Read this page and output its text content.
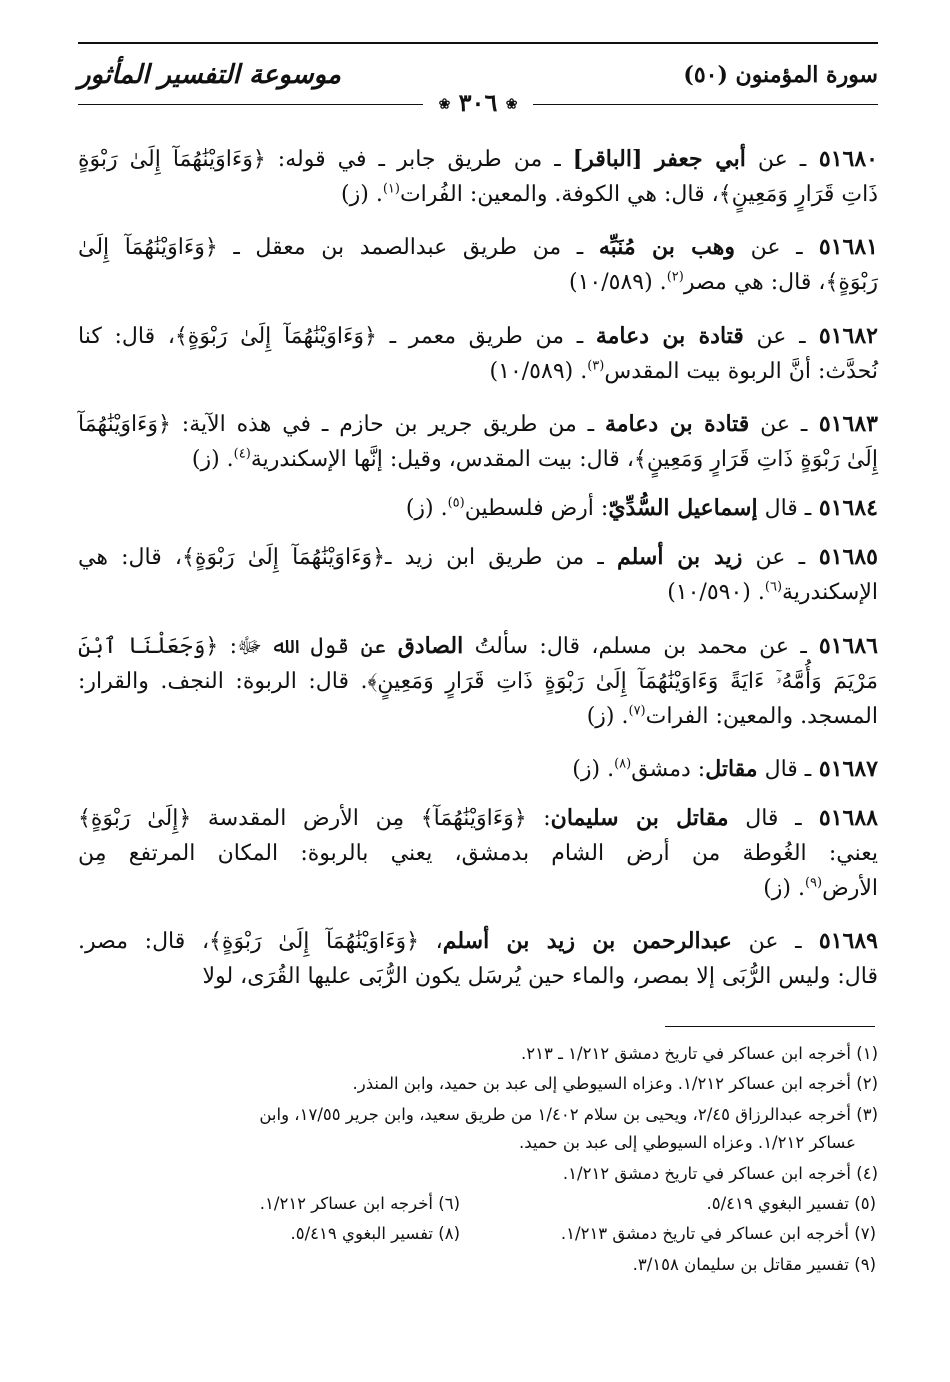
سورة المؤمنون (٥٠)
موسوعة التفسير المأثور
❀ ٣٠٦ ❀
٥١٦٨٠ ـ عن أبي جعفر [الباقر] ـ من طريق جابر ـ في قوله: ﴿وَءَاوَيْنَٰهُمَآ إِلَىٰ رَبْوَةٍ
ذَاتِ قَرَارٍ وَمَعِينٍ﴾، قال: هي الكوفة. والمعين: الفُرات$^{(١)}$. (ز)
٥١٦٨١ ـ عن وهب بن مُنَبِّه ـ من طريق عبدالصمد بن معقل ـ ﴿وَءَاوَيْنَٰهُمَآ إِلَىٰ
رَبْوَةٍ﴾، قال: هي مصر$^{(٢)}$. (١٠/٥٨٩)
٥١٦٨٢ ـ عن قتادة بن دعامة ـ من طريق معمر ـ ﴿وَءَاوَيْنَٰهُمَآ إِلَىٰ رَبْوَةٍ﴾، قال: كنا
نُحدَّث: أنَّ الربوة بيت المقدس$^{(٣)}$. (١٠/٥٨٩)
٥١٦٨٣ ـ عن قتادة بن دعامة ـ من طريق جرير بن حازم ـ في هذه الآية: ﴿وَءَاوَيْنَٰهُمَآ
إِلَىٰ رَبْوَةٍ ذَاتِ قَرَارٍ وَمَعِينٍ﴾، قال: بيت المقدس، وقيل: إنَّها الإسكندرية$^{(٤)}$. (ز)
٥١٦٨٤ ـ قال إسماعيل السُّدِّيّ: أرض فلسطين$^{(٥)}$. (ز)
٥١٦٨٥ ـ عن زيد بن أسلم ـ من طريق ابن زيد ـ﴿وَءَاوَيْنَٰهُمَآ إِلَىٰ رَبْوَةٍ﴾، قال: هي
الإسكندرية$^{(٦)}$. (١٠/٥٩٠)
٥١٦٨٦ ـ عن محمد بن مسلم، قال: سألتُ الصادق عن قول الله ﷻ: ﴿وَجَعَلْنَا ٱبْنَ
مَرْيَمَ وَأُمَّهُۥٓ ءَايَةً وَءَاوَيْنَٰهُمَآ إِلَىٰ رَبْوَةٍ ذَاتِ قَرَارٍ وَمَعِينٍ﴾. قال: الربوة: النجف. والقرار:
المسجد. والمعين: الفرات$^{(٧)}$. (ز)
٥١٦٨٧ ـ قال مقاتل: دمشق$^{(٨)}$. (ز)
٥١٦٨٨ ـ قال مقاتل بن سليمان: ﴿وَءَاوَيْنَٰهُمَآ﴾ مِن الأرض المقدسة ﴿إِلَىٰ رَبْوَةٍ﴾
يعني: الغُوطة من أرض الشام بدمشق، يعني بالربوة: المكان المرتفع مِن
الأرض$^{(٩)}$. (ز)
٥١٦٨٩ ـ عن عبدالرحمن بن زيد بن أسلم، ﴿وَءَاوَيْنَٰهُمَآ إِلَىٰ رَبْوَةٍ﴾، قال: مصر.
قال: وليس الرُّبَى إلا بمصر، والماء حين يُرسَل يكون الرُّبَى عليها القُرَى، لولا
(١) أخرجه ابن عساكر في تاريخ دمشق ١/٢١٢ ـ ٢١٣.
(٢) أخرجه ابن عساكر ١/٢١٢. وعزاه السيوطي إلى عبد بن حميد، وابن المنذر.
(٣) أخرجه عبدالرزاق ٢/٤٥، ويحيى بن سلام ١/٤٠٢ من طريق سعيد، وابن جرير ١٧/٥٥، وابن
عساكر ١/٢١٢. وعزاه السيوطي إلى عبد بن حميد.
(٤) أخرجه ابن عساكر في تاريخ دمشق ١/٢١٢.
(٥) تفسير البغوي ٥/٤١٩.
(٦) أخرجه ابن عساكر ١/٢١٢.
(٧) أخرجه ابن عساكر في تاريخ دمشق ١/٢١٣.
(٨) تفسير البغوي ٥/٤١٩.
(٩) تفسير مقاتل بن سليمان ٣/١٥٨.
